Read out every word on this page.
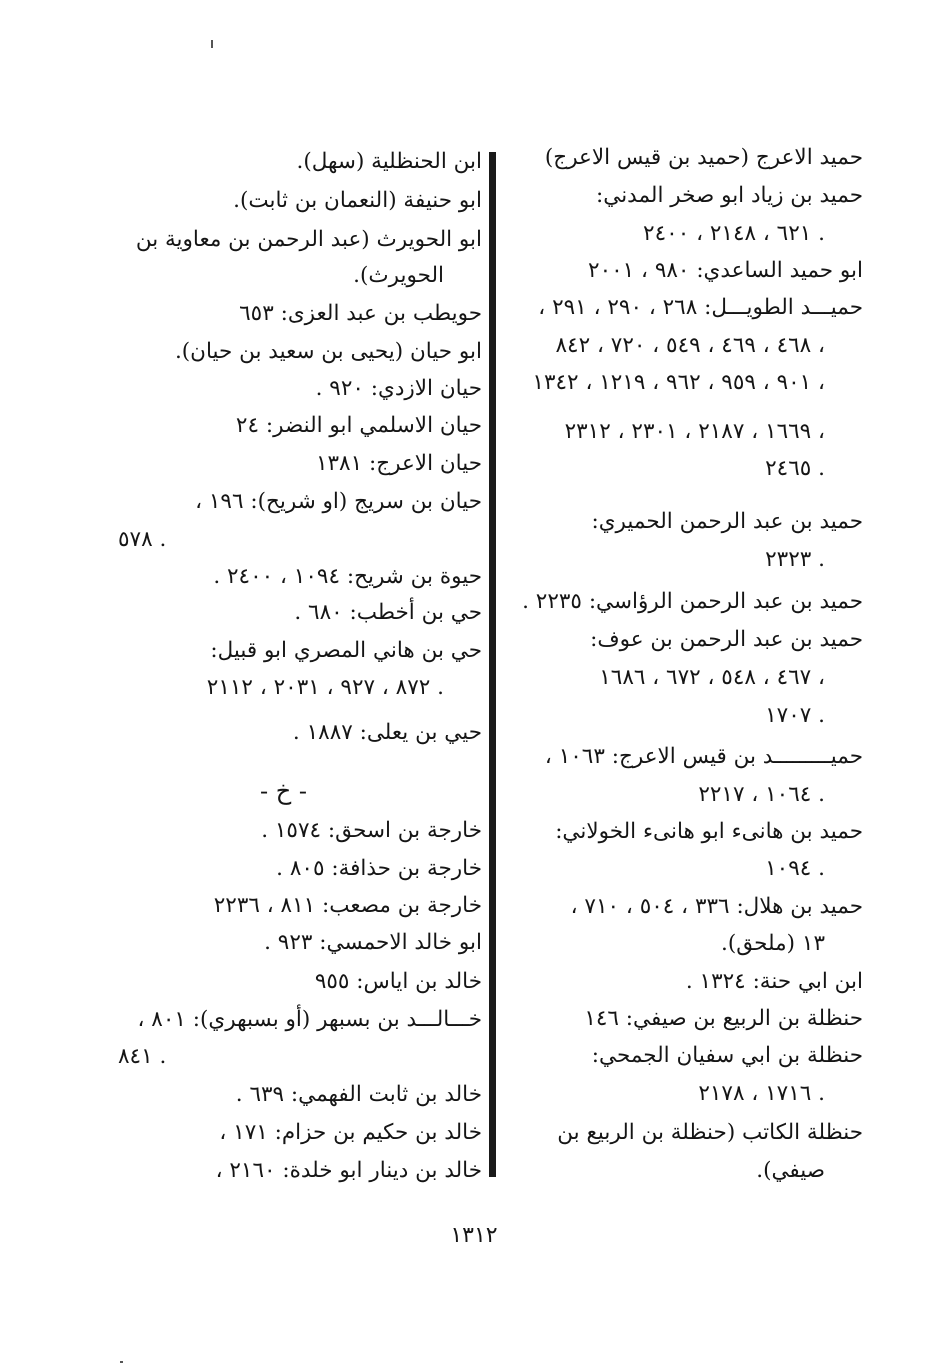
حميد الاعرج (حميد بن قيس الاعرج)
حميد بن زياد ابو صخر المدني:
٦٢١ ، ٢١٤٨ ، ٢٤٠٠ .
ابو حميد الساعدي: ٩٨٠ ، ٢٠٠١
حميـــد الطويـــل: ٢٦٨ ، ٢٩٠ ، ٢٩١ ،
٤٦٨ ، ٤٦٩ ، ٥٤٩ ، ٧٢٠ ، ٨٤٢ ،
٩٠١ ، ٩٥٩ ، ٩٦٢ ، ١٢١٩ ، ١٣٤٢ ،
١٦٦٩ ، ٢١٨٧ ، ٢٣٠١ ، ٢٣١٢ ،
٢٤٦٥ .
حميد بن عبد الرحمن الحميري:
٢٣٢٣ .
حميد بن عبد الرحمن الرؤاسي: ٢٢٣٥ .
حميد بن عبد الرحمن بن عوف:
٤٦٧ ، ٥٤٨ ، ٦٧٢ ، ١٦٨٦ ،
١٧٠٧ .
حميـــــــــد بن قيس الاعرج: ١٠٦٣ ،
١٠٦٤ ، ٢٢١٧ .
حميد بن هانىء ابو هانىء الخولاني:
١٠٩٤ .
حميد بن هلال: ٣٣٦ ، ٥٠٤ ، ٧١٠ ،
١٣ (ملحق).
ابن ابي حنة: ١٣٢٤ .
حنظلة بن الربيع بن صيفي: ١٤٦
حنظلة بن ابي سفيان الجمحي:
١٧١٦ ، ٢١٧٨ .
حنظلة الكاتب (حنظلة بن الربيع بن
صيفي).
ابن الحنظلية (سهل).
ابو حنيفة (النعمان بن ثابت).
ابو الحويرث (عبد الرحمن بن معاوية بن
الحويرث).
حويطب بن عبد العزى: ٦٥٣
ابو حيان (يحيى بن سعيد بن حيان).
حيان الازدي: ٩٢٠ .
حيان الاسلمي ابو النضر: ٢٤
حيان الاعرج: ١٣٨١
حيان بن سريج (او شريح): ١٩٦ ،
٥٧٨ .
حيوة بن شريح: ١٠٩٤ ، ٢٤٠٠ .
حي بن أخطب: ٦٨٠ .
حي بن هاني المصري ابو قبيل:
٨٧٢ ، ٩٢٧ ، ٢٠٣١ ، ٢١١٢ .
حيي بن يعلى: ١٨٨٧ .
- خ -
خارجة بن اسحق: ١٥٧٤ .
خارجة بن حذافة: ٨٠٥ .
خارجة بن مصعب: ٨١١ ، ٢٢٣٦
ابو خالد الاحمسي: ٩٢٣ .
خالد بن اياس: ٩٥٥
خـــالـــد بن بسبهر (أو بسبهري): ٨٠١ ،
٨٤١ .
خالد بن ثابت الفهمي: ٦٣٩ .
خالد بن حكيم بن حزام: ١٧١ ،
خالد بن دينار ابو خلدة: ٢١٦٠ ،
١٣١٢
